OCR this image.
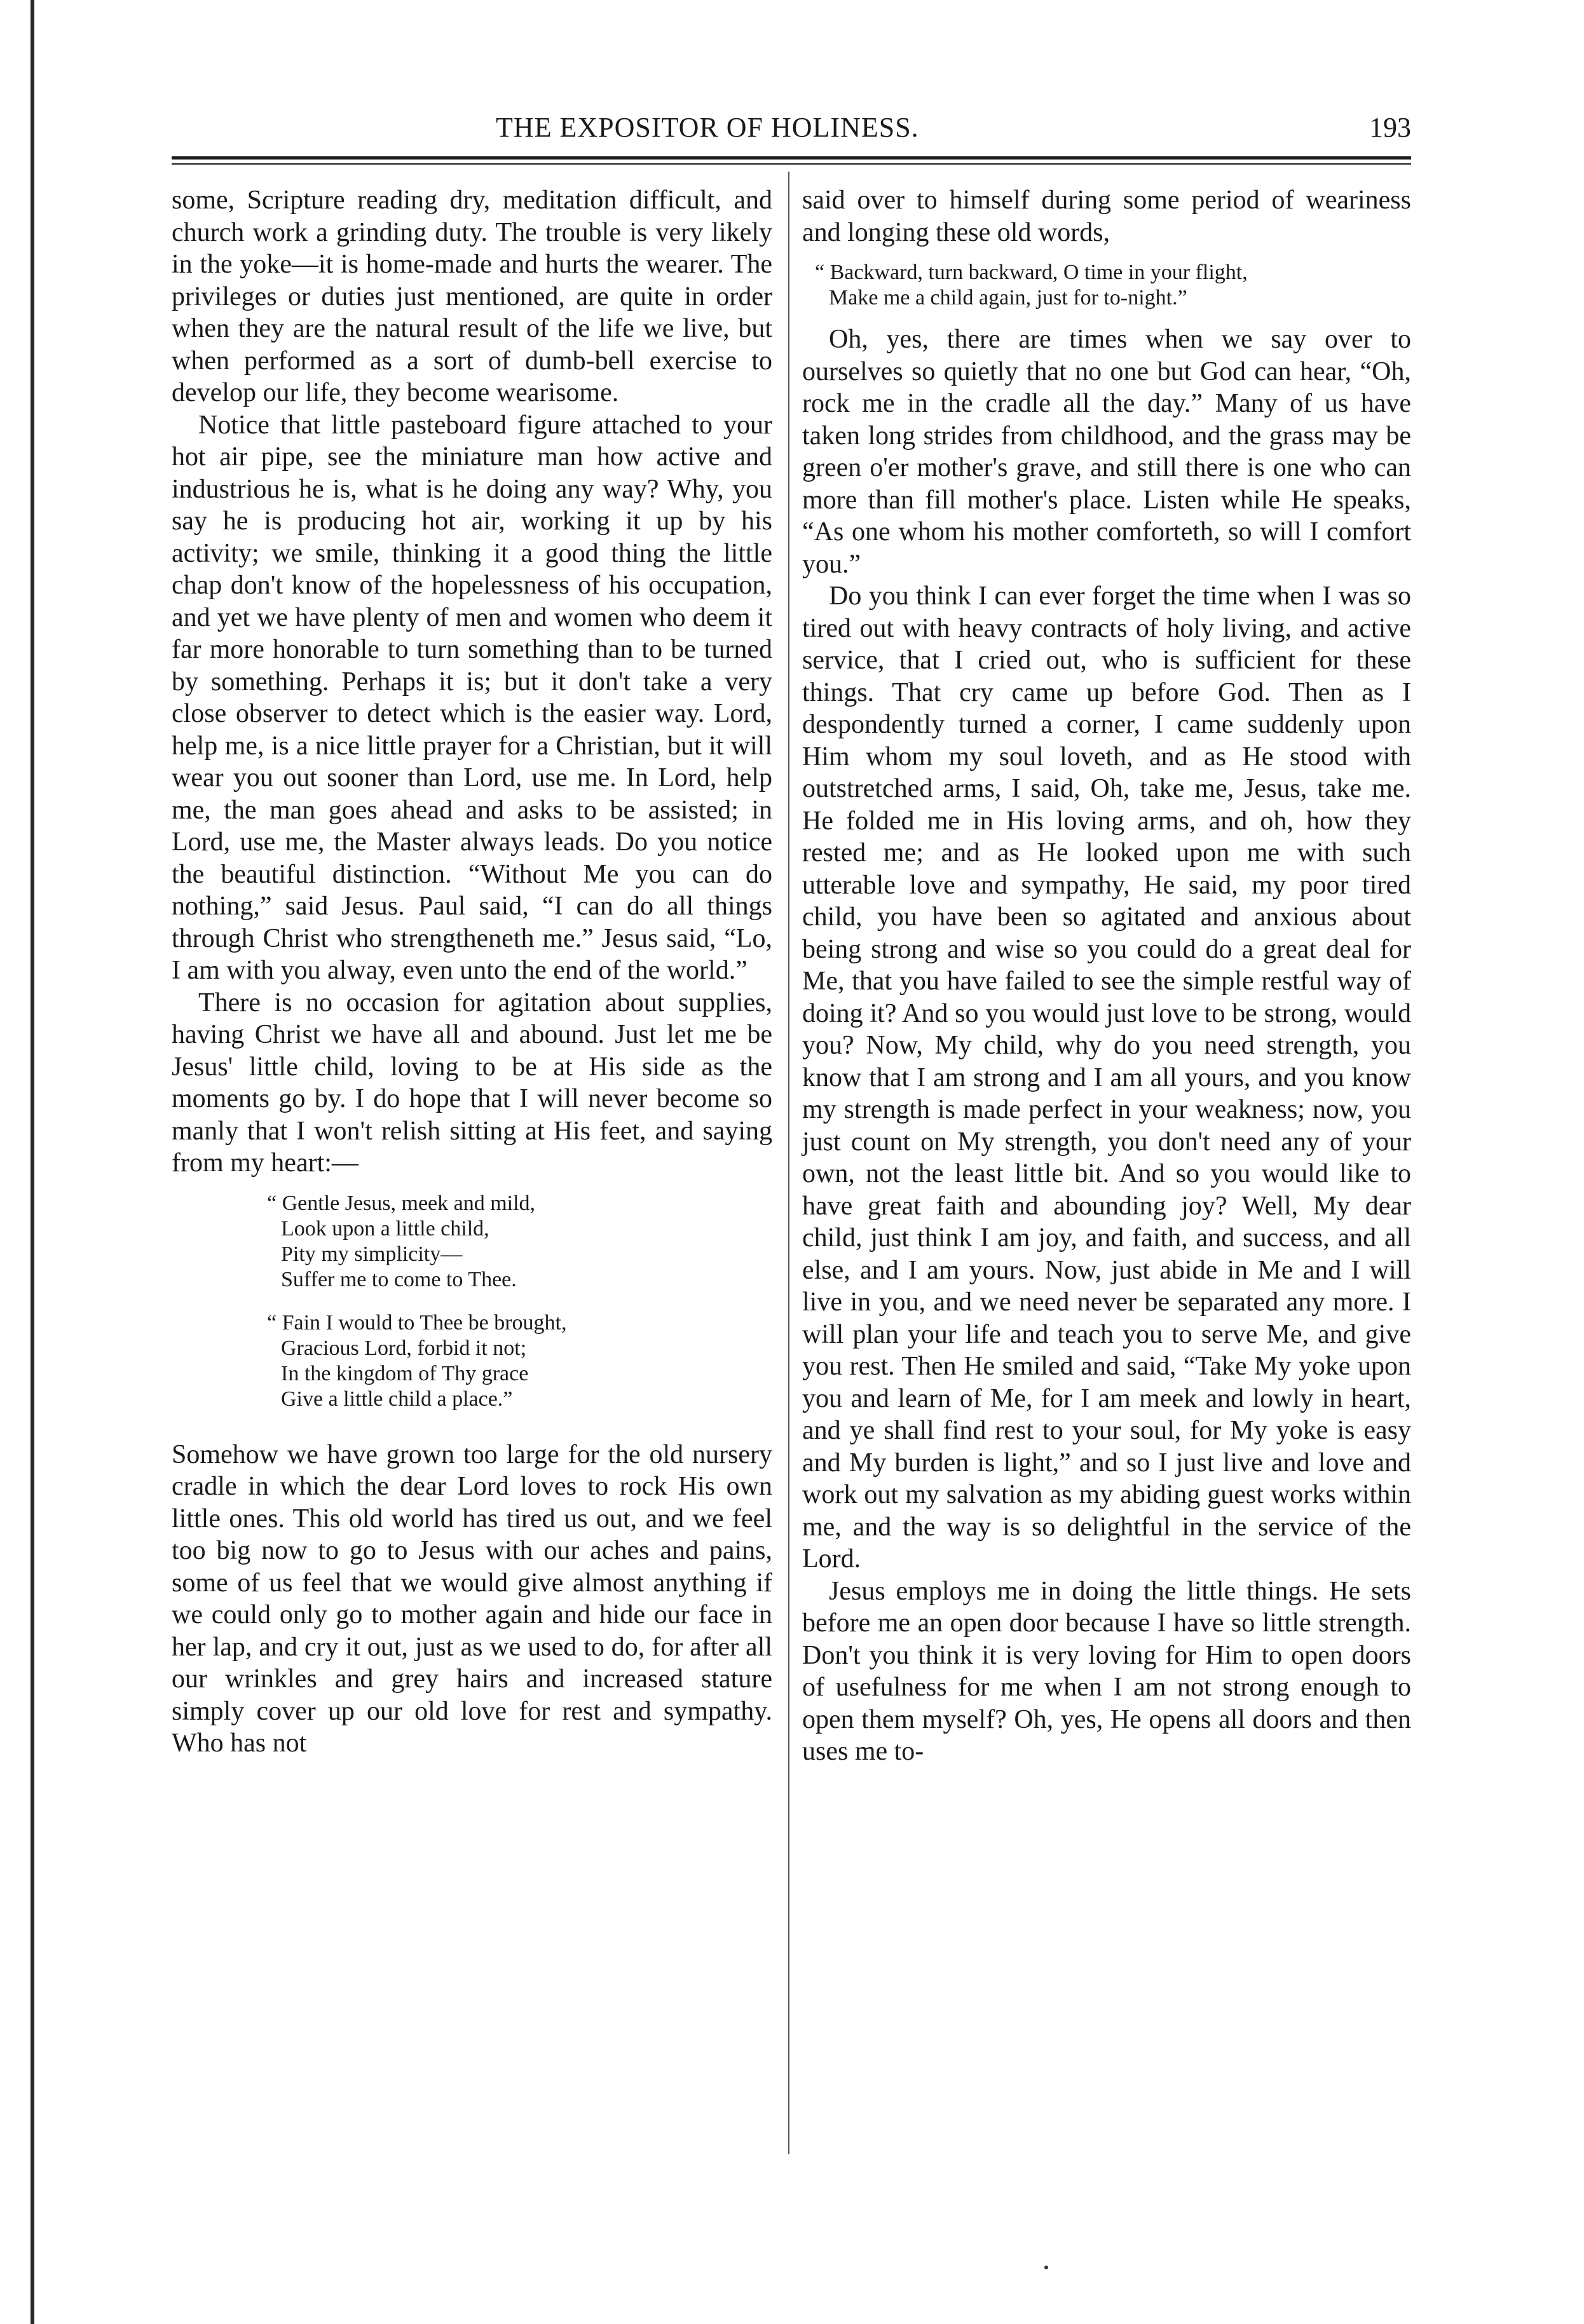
THE EXPOSITOR OF HOLINESS.	193

some, Scripture reading dry, meditation difficult, and church work a grinding duty. The trouble is very likely in the yoke—it is home-made and hurts the wearer. The privileges or duties just mentioned, are quite in order when they are the natural result of the life we live, but when performed as a sort of dumb-bell exercise to develop our life, they become wearisome.

Notice that little pasteboard figure attached to your hot air pipe, see the miniature man how active and industrious he is, what is he doing any way? Why, you say he is producing hot air, working it up by his activity; we smile, thinking it a good thing the little chap don't know of the hopelessness of his occupation, and yet we have plenty of men and women who deem it far more honorable to turn something than to be turned by something. Perhaps it is; but it don't take a very close observer to detect which is the easier way. Lord, help me, is a nice little prayer for a Christian, but it will wear you out sooner than Lord, use me. In Lord, help me, the man goes ahead and asks to be assisted; in Lord, use me, the Master always leads. Do you notice the beautiful distinction. “Without Me you can do nothing,” said Jesus. Paul said, “I can do all things through Christ who strengtheneth me.” Jesus said, “Lo, I am with you alway, even unto the end of the world.”

There is no occasion for agitation about supplies, having Christ we have all and abound. Just let me be Jesus' little child, loving to be at His side as the moments go by. I do hope that I will never become so manly that I won't relish sitting at His feet, and saying from my heart:—

“ Gentle Jesus, meek and mild,
Look upon a little child,
Pity my simplicity—
Suffer me to come to Thee.
“ Fain I would to Thee be brought,
Gracious Lord, forbid it not;
In the kingdom of Thy grace
Give a little child a place.”

Somehow we have grown too large for the old nursery cradle in which the dear Lord loves to rock His own little ones. This old world has tired us out, and we feel too big now to go to Jesus with our aches and pains, some of us feel that we would give almost anything if we could only go to mother again and hide our face in her lap, and cry it out, just as we used to do, for after all our wrinkles and grey hairs and increased stature simply cover up our old love for rest and sympathy. Who has not

said over to himself during some period of weariness and longing these old words,

“ Backward, turn backward, O time in your flight,
Make me a child again, just for to-night.”

Oh, yes, there are times when we say over to ourselves so quietly that no one but God can hear, “Oh, rock me in the cradle all the day.” Many of us have taken long strides from childhood, and the grass may be green o'er mother's grave, and still there is one who can more than fill mother's place. Listen while He speaks, “As one whom his mother comforteth, so will I comfort you.”

Do you think I can ever forget the time when I was so tired out with heavy contracts of holy living, and active service, that I cried out, who is sufficient for these things. That cry came up before God. Then as I despondently turned a corner, I came suddenly upon Him whom my soul loveth, and as He stood with outstretched arms, I said, Oh, take me, Jesus, take me. He folded me in His loving arms, and oh, how they rested me; and as He looked upon me with such utterable love and sympathy, He said, my poor tired child, you have been so agitated and anxious about being strong and wise so you could do a great deal for Me, that you have failed to see the simple restful way of doing it? And so you would just love to be strong, would you? Now, My child, why do you need strength, you know that I am strong and I am all yours, and you know my strength is made perfect in your weakness; now, you just count on My strength, you don't need any of your own, not the least little bit. And so you would like to have great faith and abounding joy? Well, My dear child, just think I am joy, and faith, and success, and all else, and I am yours. Now, just abide in Me and I will live in you, and we need never be separated any more. I will plan your life and teach you to serve Me, and give you rest. Then He smiled and said, “Take My yoke upon you and learn of Me, for I am meek and lowly in heart, and ye shall find rest to your soul, for My yoke is easy and My burden is light,” and so I just live and love and work out my salvation as my abiding guest works within me, and the way is so delightful in the service of the Lord.

Jesus employs me in doing the little things. He sets before me an open door because I have so little strength. Don't you think it is very loving for Him to open doors of usefulness for me when I am not strong enough to open them myself? Oh, yes, He opens all doors and then uses me to-
